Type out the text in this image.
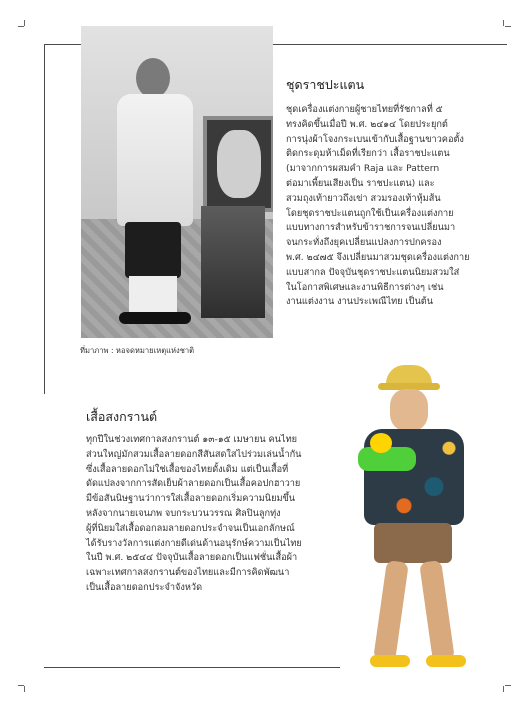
ที่มาภาพ : หอจดหมายเหตุแห่งชาติ
ชุดราชปะแตน
ชุดเครื่องแต่งกายผู้ชายไทยที่รัชกาลที่ ๕
ทรงคิดขึ้นเมื่อปี พ.ศ. ๒๔๑๔ โดยประยุกต์
การนุ่งผ้าโจงกระเบนเข้ากับเสื้อฐานขาวคอตั้ง
ติดกระดุมห้าเม็ดที่เรียกว่า เสื้อราชปะแตน
(มาจากการผสมคำ Raja และ Pattern
ต่อมาเพี้ยนเสียงเป็น ราชปะแตน) และ
สวมถุงเท้ายาวถึงเข่า สวมรองเท้าหุ้มส้น
โดยชุดราชปะแตนถูกใช้เป็นเครื่องแต่งกาย
แบบทางการสำหรับข้าราชการจนเปลี่ยนมา
จนกระทั่งถึงยุคเปลี่ยนแปลงการปกครอง
พ.ศ. ๒๔๗๕ จึงเปลี่ยนมาสวมชุดเครื่องแต่งกาย
แบบสากล ปัจจุบันชุดราชปะแตนนิยมสวมใส่
ในโอกาสพิเศษและงานพิธีการต่างๆ เช่น
งานแต่งงาน งานประเพณีไทย เป็นต้น
เสื้อสงกรานต์
ทุกปีในช่วงเทศกาลสงกรานต์ ๑๓-๑๕ เมษายน คนไทย
ส่วนใหญ่มักสวมเสื้อลายดอกสีสันสดใสไปร่วมเล่นน้ำกัน
ซึ่งเสื้อลายดอกไม่ใช่เสื้อของไทยดั้งเดิม แต่เป็นเสื้อที่
ดัดแปลงจากการสัดเย็บผ้าลายดอกเป็นเสื้อคอปกฮาวาย
มีข้อสันนิษฐานว่าการใส่เสื้อลายดอกเริ่มความนิยมขึ้น
หลังจากนายเจนภพ จบกระบวนวรรณ ศิลปินลูกทุ่ง
ผู้ที่นิยมใส่เสื้อดอกลมลายดอกประจำจนเป็นเอกลักษณ์
ได้รับรางวัลการแต่งกายดีเด่นด้านอนุรักษ์ความเป็นไทย
ในปี พ.ศ. ๒๕๔๔ ปัจจุบันเสื้อลายดอกเป็นแฟชั่นเสื้อผ้า
เฉพาะเทศกาลสงกรานต์ของไทยและมีการคิดพัฒนา
เป็นเสื้อลายดอกประจำจังหวัด
